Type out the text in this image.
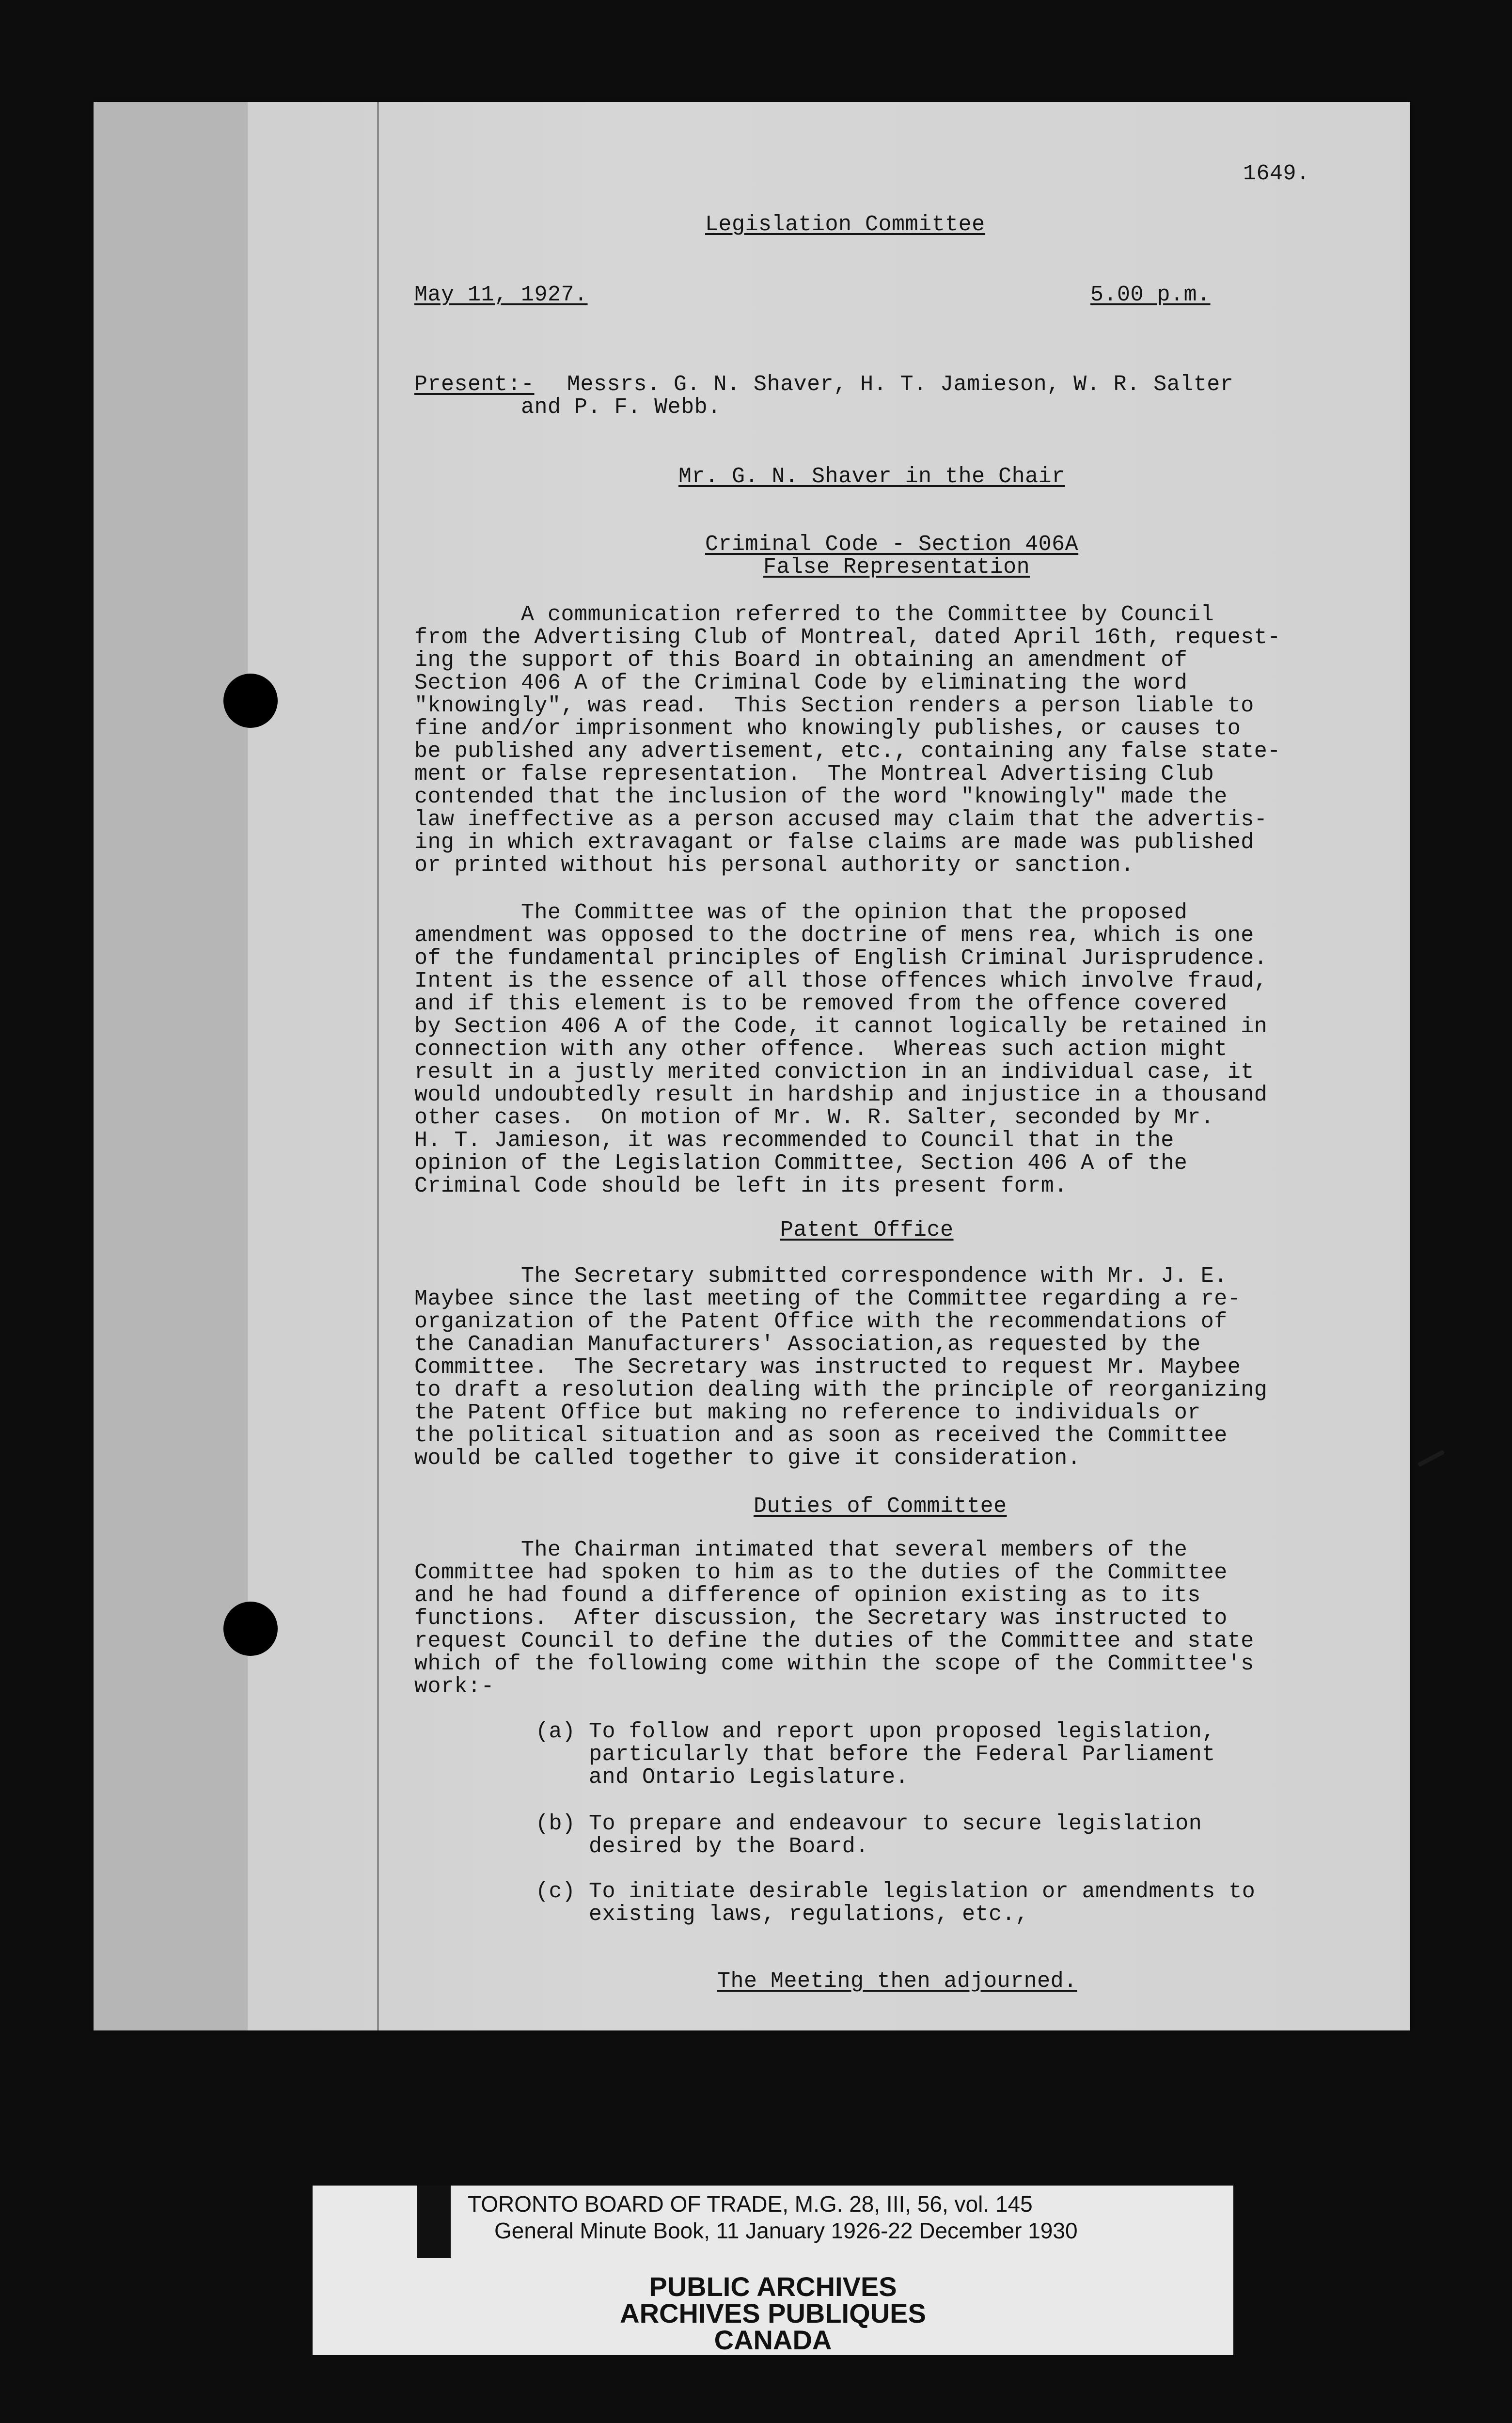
1649.
Legislation Committee
May 11, 1927.	5.00 p.m.
Present:- Messrs. G. N. Shaver, H. T. Jamieson, W. R. Salter
and P. F. Webb.
Mr. G. N. Shaver in the Chair
Criminal Code - Section 406A
False Representation
A communication referred to the Committee by Council
from the Advertising Club of Montreal, dated April 16th, request-
ing the support of this Board in obtaining an amendment of
Section 406 A of the Criminal Code by eliminating the word
"knowingly", was read.  This Section renders a person liable to
fine and/or imprisonment who knowingly publishes, or causes to
be published any advertisement, etc., containing any false state-
ment or false representation.  The Montreal Advertising Club
contended that the inclusion of the word "knowingly" made the
law ineffective as a person accused may claim that the advertis-
ing in which extravagant or false claims are made was published
or printed without his personal authority or sanction.
The Committee was of the opinion that the proposed
amendment was opposed to the doctrine of mens rea, which is one
of the fundamental principles of English Criminal Jurisprudence.
Intent is the essence of all those offences which involve fraud,
and if this element is to be removed from the offence covered
by Section 406 A of the Code, it cannot logically be retained in
connection with any other offence.  Whereas such action might
result in a justly merited conviction in an individual case, it
would undoubtedly result in hardship and injustice in a thousand
other cases.  On motion of Mr. W. R. Salter, seconded by Mr.
H. T. Jamieson, it was recommended to Council that in the
opinion of the Legislation Committee, Section 406 A of the
Criminal Code should be left in its present form.
Patent Office
The Secretary submitted correspondence with Mr. J. E.
Maybee since the last meeting of the Committee regarding a re-
organization of the Patent Office with the recommendations of
the Canadian Manufacturers' Association,as requested by the
Committee.  The Secretary was instructed to request Mr. Maybee
to draft a resolution dealing with the principle of reorganizing
the Patent Office but making no reference to individuals or
the political situation and as soon as received the Committee
would be called together to give it consideration.
Duties of Committee
The Chairman intimated that several members of the
Committee had spoken to him as to the duties of the Committee
and he had found a difference of opinion existing as to its
functions.  After discussion, the Secretary was instructed to
request Council to define the duties of the Committee and state
which of the following come within the scope of the Committee's
work:-
(a) To follow and report upon proposed legislation,
particularly that before the Federal Parliament
and Ontario Legislature.
(b) To prepare and endeavour to secure legislation
desired by the Board.
(c) To initiate desirable legislation or amendments to
existing laws, regulations, etc.,
The Meeting then adjourned.
TORONTO BOARD OF TRADE, M.G. 28, III, 56, vol. 145
General Minute Book, 11 January 1926-22 December 1930
PUBLIC ARCHIVES
ARCHIVES PUBLIQUES
CANADA
